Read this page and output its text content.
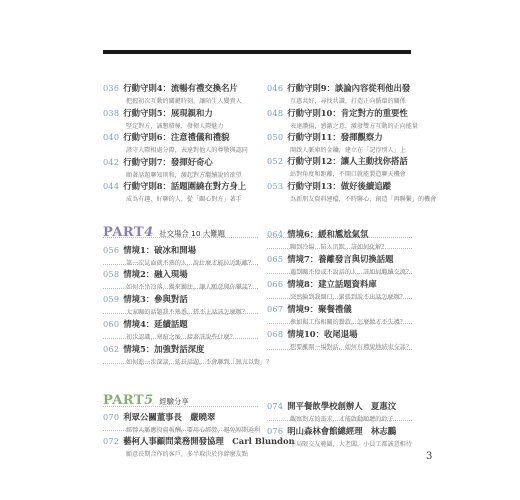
036 行動守則4：流暢有禮交換名片
把握初次互動的關鍵時刻，讓陌生人變貴人
038 行動守則5：展現親和力
堅定對方，誠懇積極，發揮人際魅力
040 行動守則6：注意禮儀和禮貌
謹守人際相處分際，表達對他人的尊敬與認同
042 行動守則7：發揮好奇心
順著話題聊知則和，激起對方繼續說的欲望
044 行動守則8：話題圍繞在對方身上
成為有趣、好聊的人，從「關心對方」著手
046 行動守則9：談論內容從利他出發
互惠共好，尋找共識，打造正向循環的關係
048 行動守則10：肯定對方的重要性
表達讚揚，感激之意，激發雙方互動的正向能量
050 行動守則11：發揮觀察力
開啟人脈庫的金鑰，建立在「記得別人」上
052 行動守則12：讓人主動找你搭話
站對角度和距離，不開口就能製造聊天機會
053 行動守則13：做好後續追蹤
為新朋友資料建檔，不時聯心，創造「再聯繫」的機會
PART 4 社交場合 10 大難題
056 情境1：破冰和開場
第一次見面就不熟的人，說什麼才能拉近距離？
058 情境2：融入現場
如何不坐冷落，獨來獨往，讓人願意與你攀談？
059 情境3：參與對話
大家聊的話題我不熟悉，搭不上話該怎麼辦？
060 情境4：延續話題
初步認識，寒暄之後，接著該說些什麼？
062 情境5：加強對話深度
如何進一步深談，延長話題，不會聊到「無言以對」？
064 情境6：緩和尷尬氣氛
聊到冷場，陷入沉默，該如何化解？
065 情境7：養離發言與切換話題
遇到聊不停或不說話的人，該如何繼續交流？
066 情境8：建立話題資料庫
突然輪到我開口，緊張到說不出話怎麼辦？
067 情境9：聚餐禮儀
參加與工作相關的餐敘，怎麼做才不失禮？
068 情境10：收尾退場
想要離開一場對話，如何有禮貌地結束交談？
PART 5 經驗分享
070 利眾公關董事長　嚴曉翠
經營人脈應投資報酬，要用心經營，避免短期近利
072 藝柯人事顧問業務開發協理　Carl Blundon
願意長期合作的客戶，多半取決於你幹麼友點
074 開平餐飲學校創辦人　夏惠汶
觀察對方的需求，才能啟動順聽的鈴子
076 明山森林會館總經理　林志鵬
不局限交友範圍，大老闆，小員工都誠意相待
3
